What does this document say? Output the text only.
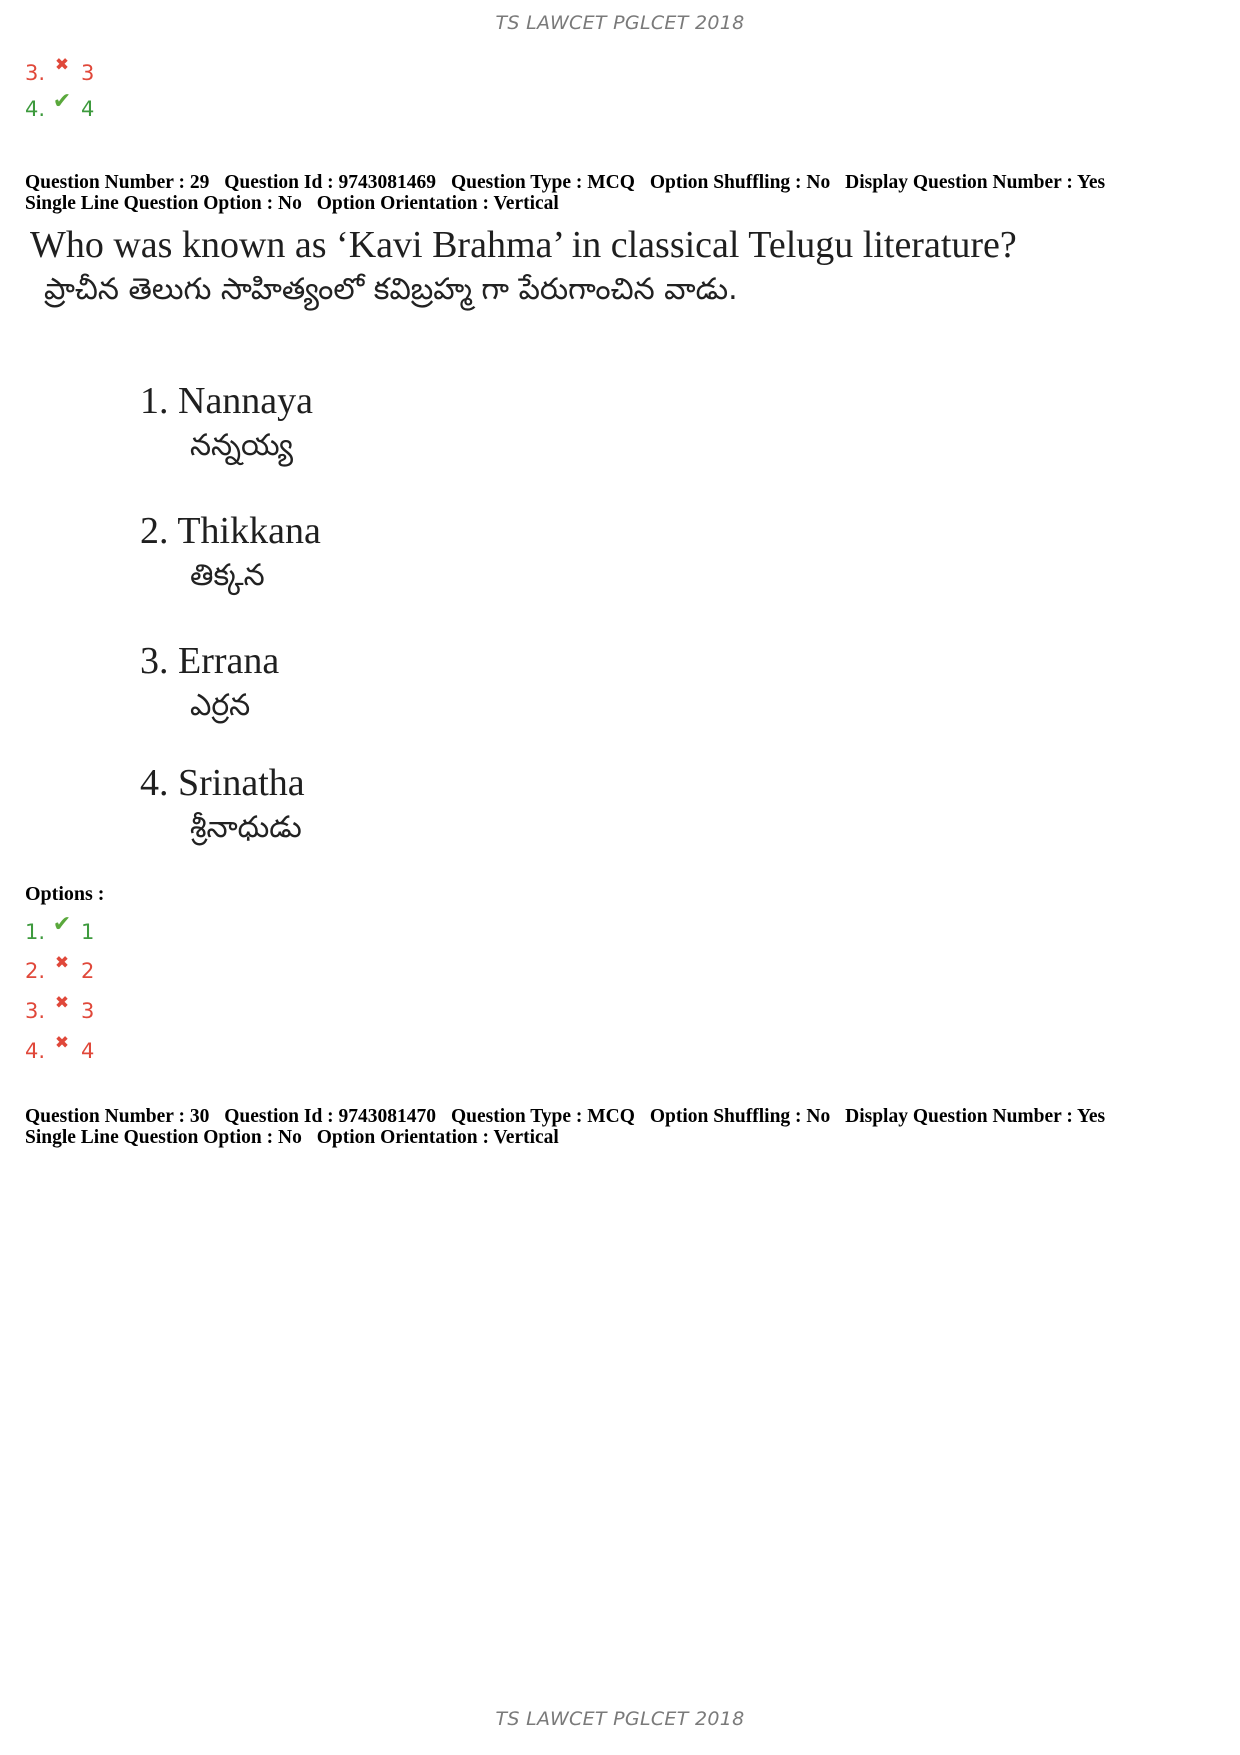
TS LAWCET PGLCET 2018
3. ✖ 3
4. ✔ 4
Question Number : 29 Question Id : 9743081469 Question Type : MCQ Option Shuffling : No Display Question Number : Yes
Single Line Question Option : No Option Orientation : Vertical
Who was known as ‘Kavi Brahma’ in classical Telugu literature?
ప్రాచీన తెలుగు సాహిత్యంలో కవిబ్రహ్మ గా పేరుగాంచిన వాడు.
1. Nannaya
నన్నయ్య
2. Thikkana
తిక్కన
3. Errana
ఎర్రన
4. Srinatha
శ్రీనాధుడు
Options :
1. ✔ 1
2. ✖ 2
3. ✖ 3
4. ✖ 4
Question Number : 30 Question Id : 9743081470 Question Type : MCQ Option Shuffling : No Display Question Number : Yes
Single Line Question Option : No Option Orientation : Vertical
TS LAWCET PGLCET 2018
